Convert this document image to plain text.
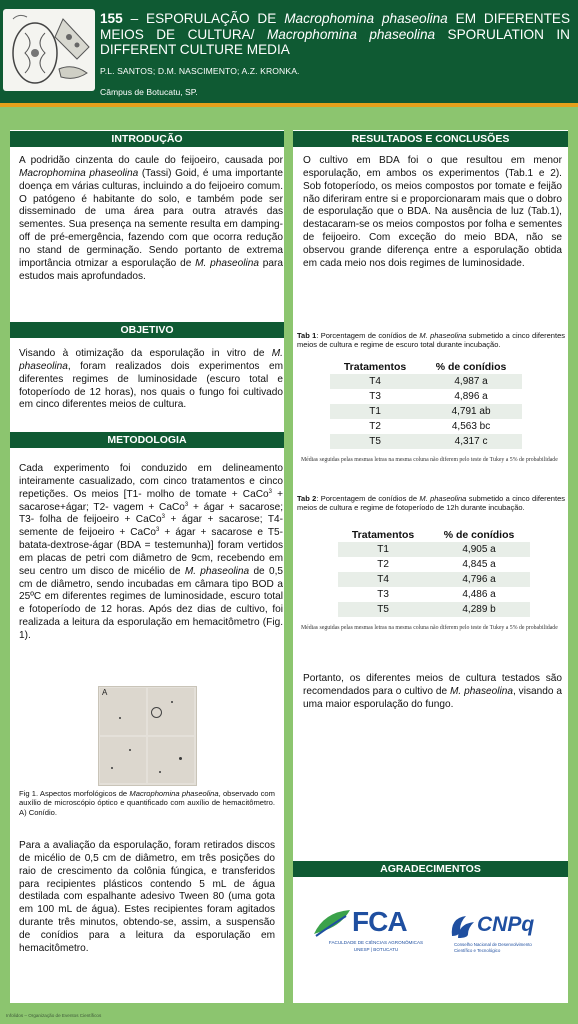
155 – ESPORULAÇÃO DE Macrophomina phaseolina EM DIFERENTES MEIOS DE CULTURA/ Macrophomina phaseolina SPORULATION IN DIFFERENT CULTURE MEDIA
P.L. SANTOS; D.M. NASCIMENTO; A.Z. KRONKA.
Câmpus de Botucatu, SP.
INTRODUÇÃO
A podridão cinzenta do caule do feijoeiro, causada por Macrophomina phaseolina (Tassi) Goid, é uma importante doença em várias culturas, incluindo a do feijoeiro comum. O patógeno é habitante do solo, e também pode ser disseminado de uma área para outra através das sementes. Sua presença na semente resulta em damping-off de pré-emergência, fazendo com que ocorra redução no stand de germinação. Sendo portanto de extrema importância otmizar a esporulação de M. phaseolina para estudos mais aprofundados.
OBJETIVO
Visando à otimização da esporulação in vitro de M. phaseolina, foram realizados dois experimentos em diferentes regimes de luminosidade (escuro total e fotoperíodo de 12 horas), nos quais o fungo foi cultivado em cinco diferentes meios de cultura.
METODOLOGIA
Cada experimento foi conduzido em delineamento inteiramente casualizado, com cinco tratamentos e cinco repetições. Os meios [T1- molho de tomate + CaCo$^3$ + sacarose+ágar; T2- vagem + CaCo$^3$ + ágar + sacarose; T3- folha de feijoeiro + CaCo$^3$ + ágar + sacarose; T4- semente de feijoeiro + CaCo$^3$ + ágar + sacarose e T5- batata-dextrose-ágar (BDA = testemunha)] foram vertidos em placas de petri com diâmetro de 9cm, recebendo em seu centro um disco de micélio de M. phaseolina de 0,5 cm de diâmetro, sendo incubadas em câmara tipo BOD a 25ºC em diferentes regimes de luminosidade, escuro total e fotoperíodo de 12 horas. Após dez dias de cultivo, foi realizada a leitura da esporulação em hemacitômetro (Fig. 1).
A
Fig 1. Aspectos morfológicos de Macrophomina phaseolina, observado com auxílio de microscópio óptico e quantificado com auxílio de hemacitômetro. A) Conídio.
Para a avaliação da esporulação, foram retirados discos de micélio de 0,5 cm de diâmetro, em três posições do raio de crescimento da colônia fúngica, e transferidos para recipientes plásticos contendo 5 mL de água destilada com espalhante adesivo Tween 80 (uma gota em 100 mL de água). Estes recipientes foram agitados durante três minutos, obtendo-se, assim, a suspensão de conídios para a leitura da esporulação em hemacitômetro.
RESULTADOS E CONCLUSÕES
O cultivo em BDA foi o que resultou em menor esporulação, em ambos os experimentos (Tab.1 e 2). Sob fotoperíodo, os meios compostos por tomate e feijão não diferiram entre si e proporcionaram mais que o dobro de esporulação que o BDA. Na ausência de luz (Tab.1), destacaram-se os meios compostos por folha e sementes de feijoeiro. Com exceção do meio BDA, não se observou grande diferença entre a esporulação obtida em cada meio nos dois regimes de luminosidade.
Tab 1: Porcentagem de conídios de M. phaseolina submetido a cinco diferentes meios de cultura e regime de escuro total durante incubação.
Tratamentos	% de conídios
T4	4,987 a
T3	4,896 a
T1	4,791 ab
T2	4,563 bc
T5	4,317 c
Médias seguidas pelas mesmas letras na mesma coluna não diferem pelo teste de Tukey a 5% de probabilidade
Tab 2: Porcentagem de conídios de M. phaseolina submetido a cinco diferentes meios de cultura e regime de fotoperíodo de 12h durante incubação.
Tratamentos	% de conídios
T1	4,905 a
T2	4,845 a
T4	4,796 a
T3	4,486 a
T5	4,289 b
Médias seguidas pelas mesmas letras na mesma coluna não diferem pelo teste de Tukey a 5% de probabilidade
Portanto, os diferentes meios de cultura testados são recomendados para o cultivo de M. phaseolina, visando a uma maior esporulação do fungo.
AGRADECIMENTOS
FCA
FACULDADE DE CIÊNCIAS AGRONÔMICAS
UNESP | BOTUCATU
CNPq
Conselho Nacional de Desenvolvimento
Científico e Tecnológico
Infolidos – Organização de Eventos Científicos
